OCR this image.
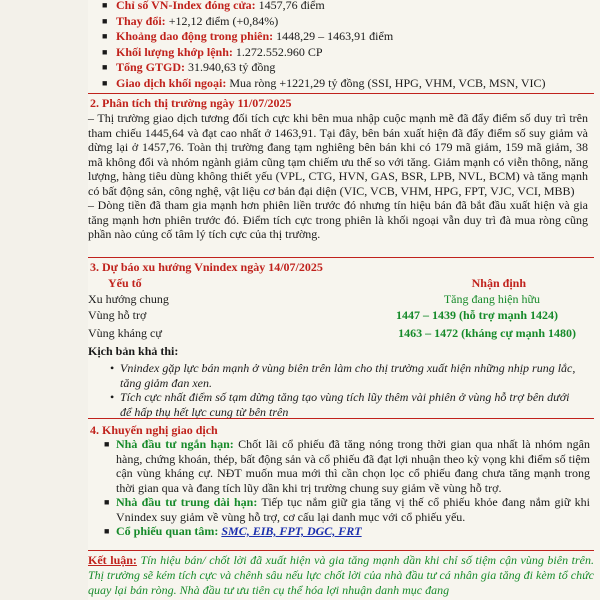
■ Chỉ số VN-Index đóng cửa: 1457,76 điểm
■ Thay đổi: +12,12 điểm (+0,84%)
■ Khoảng dao động trong phiên: 1448,29 – 1463,91 điểm
■ Khối lượng khớp lệnh: 1.272.552.960 CP
■ Tổng GTGD: 31.940,63 tỷ đồng
■ Giao dịch khối ngoại: Mua ròng +1221,29 tỷ đồng (SSI, HPG, VHM, VCB, MSN, VIC)
2. Phân tích thị trường ngày 11/07/2025

– Thị trường giao dịch tương đối tích cực khi bên mua nhập cuộc mạnh mẽ đã đẩy điểm số duy trì trên tham chiếu 1445,64 và đạt cao nhất ở 1463,91. Tại đây, bên bán xuất hiện đã đẩy điểm số suy giảm và dừng lại ở 1457,76. Toàn thị trường đang tạm nghiêng bên bán khi có 179 mã giảm, 159 mã giảm, 38 mã không đổi và nhóm ngành giảm cũng tạm chiếm ưu thế so với tăng. Giảm mạnh có viễn thông, năng lượng, hàng tiêu dùng không thiết yếu (VPL, CTG, HVN, GAS, BSR, LPB, NVL, BCM) và tăng mạnh có bất động sản, công nghệ, vật liệu cơ bản đại diện (VIC, VCB, VHM, HPG, FPT, VJC, VCI, MBB)

– Dòng tiền đã tham gia mạnh hơn phiên liền trước đó nhưng tín hiệu bán đã bắt đầu xuất hiện và gia tăng mạnh hơn phiên trước đó. Điểm tích cực trong phiên là khối ngoại vẫn duy trì đà mua ròng cũng phần nào củng cố tâm lý tích cực của thị trường.

3. Dự báo xu hướng Vnindex ngày 14/07/2025
Yếu tố	Nhận định
Xu hướng chung	Tăng đang hiện hữu
Vùng hỗ trợ	1447 – 1439 (hỗ trợ mạnh 1424)
Vùng kháng cự	1463 – 1472 (kháng cự mạnh 1480)
Kịch bản khả thi:
• Vnindex gặp lực bán mạnh ở vùng biên trên làm cho thị trường xuất hiện những nhịp rung lắc, tăng giảm đan xen.
• Tích cực nhất điểm số tạm dừng tăng tạo vùng tích lũy thêm vài phiên ở vùng hỗ trợ bên dưới để hấp thụ hết lực cung từ bên trên
4. Khuyến nghị giao dịch
■ Nhà đầu tư ngắn hạn: Chốt lãi cổ phiếu đã tăng nóng trong thời gian qua nhất là nhóm ngân hàng, chứng khoán, thép, bất động sản và cổ phiếu đã đạt lợi nhuận theo kỳ vọng khi điểm số tiệm cận vùng kháng cự. NĐT muốn mua mới thì cần chọn lọc cổ phiếu đang chưa tăng mạnh trong thời gian qua và đang tích lũy dần khi trị trường chung suy giảm về vùng hỗ trợ.
■ Nhà đầu tư trung dài hạn: Tiếp tục nắm giữ gia tăng vị thế cổ phiếu khỏe đang nắm giữ khi Vnindex suy giảm về vùng hỗ trợ, cơ cấu lại danh mục với cổ phiếu yếu.
■ Cổ phiếu quan tâm: SMC, EIB, FPT, DGC, FRT
Kết luận: Tín hiệu bán/ chốt lời đã xuất hiện và gia tăng mạnh dần khi chỉ số tiệm cận vùng biên trên. Thị trường sẽ kém tích cực và chênh sâu nếu lực chốt lời của nhà đầu tư cá nhân gia tăng đi kèm tổ chức quay lại bán ròng. Nhà đầu tư ưu tiên cụ thể hóa lợi nhuận danh mục đang
